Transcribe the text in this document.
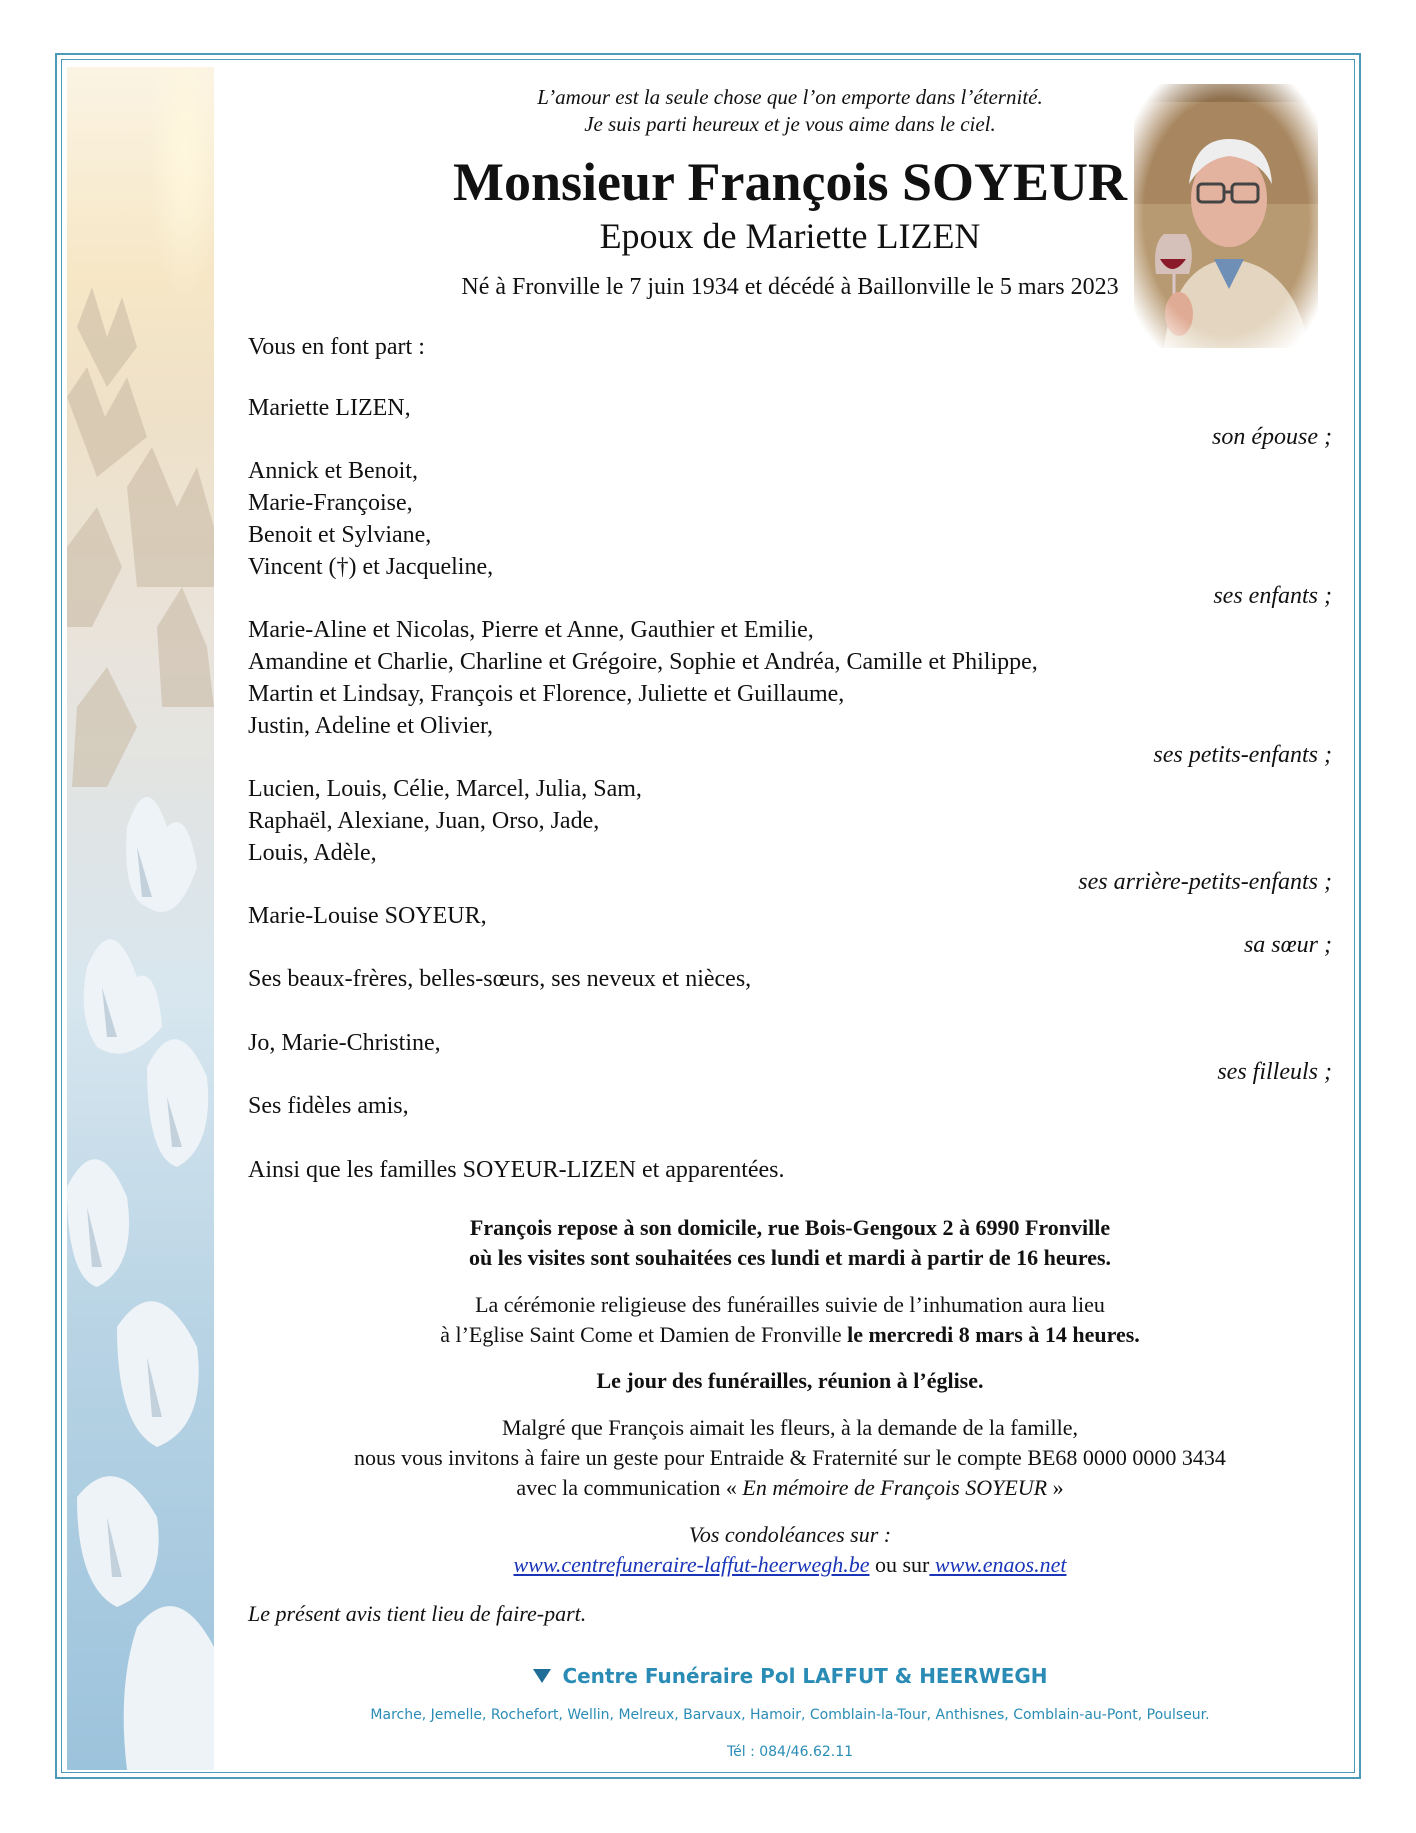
L’amour est la seule chose que l’on emporte dans l’éternité.
Je suis parti heureux et je vous aime dans le ciel.
Monsieur François SOYEUR
Epoux de Mariette LIZEN
Né à Fronville le 7 juin 1934 et décédé à Baillonville le 5 mars 2023
Vous en font part :
Mariette LIZEN,
son épouse ;
Annick et Benoit,
Marie-Françoise,
Benoit et Sylviane,
Vincent (†) et Jacqueline,
ses enfants ;
Marie-Aline et Nicolas, Pierre et Anne, Gauthier et Emilie,
Amandine et Charlie, Charline et Grégoire, Sophie et Andréa, Camille et Philippe,
Martin et Lindsay, François et Florence, Juliette et Guillaume,
Justin, Adeline et Olivier,
ses petits-enfants ;
Lucien, Louis, Célie, Marcel, Julia, Sam,
Raphaël, Alexiane, Juan, Orso, Jade,
Louis, Adèle,
ses arrière-petits-enfants ;
Marie-Louise SOYEUR,
sa sœur ;
Ses beaux-frères, belles-sœurs, ses neveux et nièces,
Jo, Marie-Christine,
ses filleuls ;
Ses fidèles amis,
Ainsi que les familles SOYEUR-LIZEN et apparentées.
François repose à son domicile, rue Bois-Gengoux 2 à 6990 Fronville
où les visites sont souhaitées ces lundi et mardi à partir de 16 heures.
La cérémonie religieuse des funérailles suivie de l’inhumation aura lieu
à l’Eglise Saint Come et Damien de Fronville le mercredi 8 mars à 14 heures.
Le jour des funérailles, réunion à l’église.
Malgré que François aimait les fleurs, à la demande de la famille,
nous vous invitons à faire un geste pour Entraide & Fraternité sur le compte BE68 0000 0000 3434
avec la communication « En mémoire de François SOYEUR »
Vos condoléances sur :
www.centrefuneraire-laffut-heerwegh.be ou sur www.enaos.net
Le présent avis tient lieu de faire-part.
Centre Funéraire Pol LAFFUT & HEERWEGH
Marche, Jemelle, Rochefort, Wellin, Melreux, Barvaux, Hamoir, Comblain-la-Tour, Anthisnes, Comblain-au-Pont, Poulseur.
Tél : 084/46.62.11
